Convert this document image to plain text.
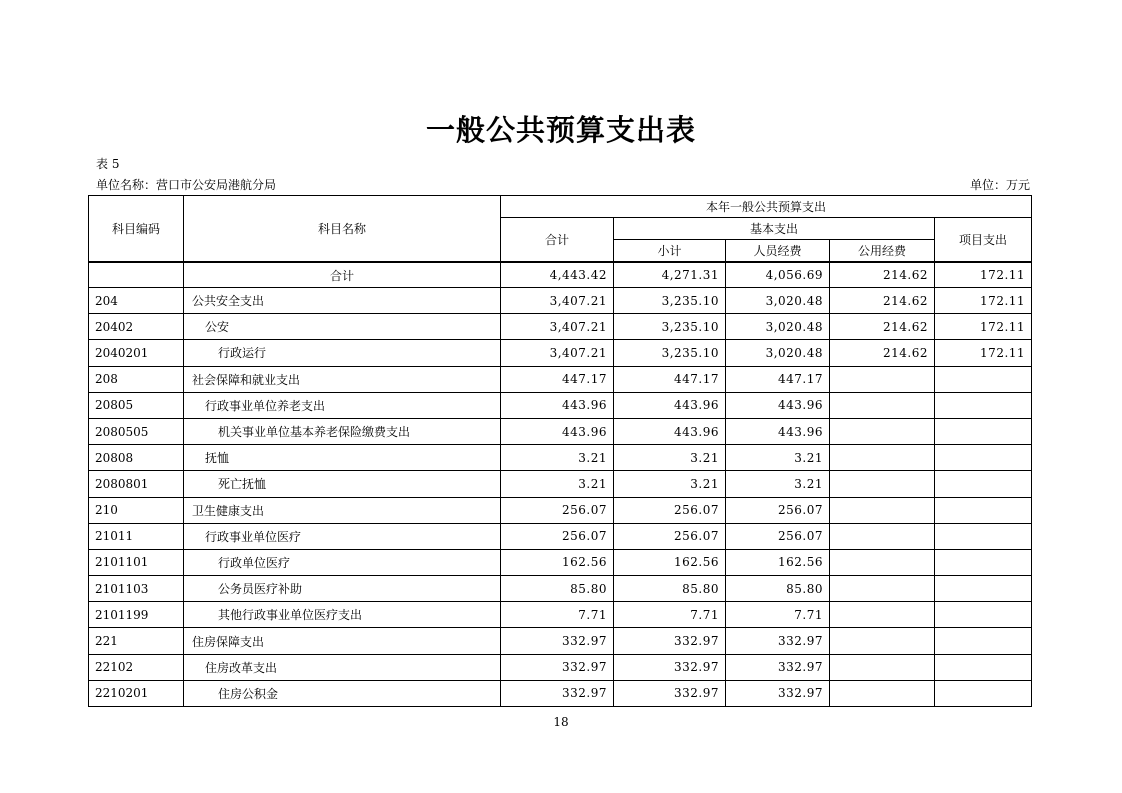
一般公共预算支出表
表 5
单位名称：营口市公安局港航分局	单位：万元
科目编码	科目名称	本年一般公共预算支出				
		合计	基本支出			项目支出
			小计	人员经费	公用经费	
	合计	4,443.42	4,271.31	4,056.69	214.62	172.11
204	公共安全支出	3,407.21	3,235.10	3,020.48	214.62	172.11
20402	公安	3,407.21	3,235.10	3,020.48	214.62	172.11
2040201	行政运行	3,407.21	3,235.10	3,020.48	214.62	172.11
208	社会保障和就业支出	447.17	447.17	447.17		
20805	行政事业单位养老支出	443.96	443.96	443.96		
2080505	机关事业单位基本养老保险缴费支出	443.96	443.96	443.96		
20808	抚恤	3.21	3.21	3.21		
2080801	死亡抚恤	3.21	3.21	3.21		
210	卫生健康支出	256.07	256.07	256.07		
21011	行政事业单位医疗	256.07	256.07	256.07		
2101101	行政单位医疗	162.56	162.56	162.56		
2101103	公务员医疗补助	85.80	85.80	85.80		
2101199	其他行政事业单位医疗支出	7.71	7.71	7.71		
221	住房保障支出	332.97	332.97	332.97		
22102	住房改革支出	332.97	332.97	332.97		
2210201	住房公积金	332.97	332.97	332.97		
18
